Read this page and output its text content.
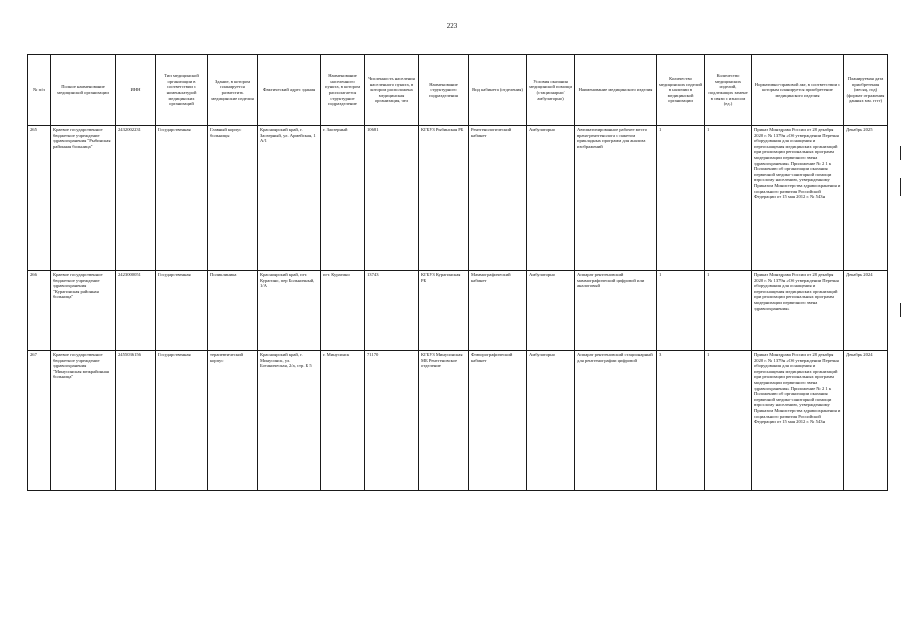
223
№ п/п	Полное наименование медицинской организации	ИНН	Тип медицинской организации в соответствии с номенклатурой медицинских организаций	Здание, в котором планируется разместить медицинские изделия	Фактический адрес здания	Наименование населенного пункта, в котором располагается структурное подразделение	Численность населения населенного пункта, в котором расположена медицинская организация, чел	Наименование структурного подразделения	Вид кабинета (отделения)	Условия оказания медицинской помощи (стационарно/амбулаторно)	Наименование медицинского изделия	Количество медицинских изделий в наличии в медицинской организации	Количество медицинских изделий, подлежащих замене в связи с износом (ед.)	Нормативно-правовой акт, в соответствии с которым планируется приобретение медицинского изделия	Планируемая дата приобретения (месяц, год) (формат отражения данных мм. гггг)
265	Краевое государственное бюджетное учреждение здравоохранения "Рыбинская районная больница"	2432002231	Государственная	Главный корпус больницы	Красноярский край, г. Заозерный, ул. Армейская, 1 А/1	г. Заозерный	10681	КГБУЗ Рыбинская РБ	Рентгенологический кабинет	Амбулаторно	Автоматизированное рабочее место врача-рентгенолога с пакетом прикладных программ для анализа изображений	1	1	Приказ Минздрава России от 28 декабря 2020 г. № 1379н «Об утверждении Перечня оборудования для оснащения и переоснащения медицинских организаций при реализации региональных программ модернизации первичного звена здравоохранения» Приложение № 2 1 к Положению об организации оказания первичной медико-санитарной помощи взрослому населению, утвержденному Приказом Министерства здравоохранения и социального развития Российской Федерации от 15 мая 2012 г. № 543н	Декабрь 2025
266	Краевое государственное бюджетное учреждение здравоохранения "Курагинская районная больница"	2423000051	Государственная	Поликлиника	Красноярский край, пгт. Курагино, пер Больничный, 1/А	пгт. Курагино	13743	КГБУЗ Курагинская РБ	Маммографический кабинет	Амбулаторно	Аппарат рентгеновский маммографический цифровой или аналоговый	1	1	Приказ Минздрава России от 28 декабря 2020 г. № 1379н «Об утверждении Перечня оборудования для оснащения и переоснащения медицинских организаций при реализации региональных программ модернизации первичного звена здравоохранения»	Декабрь 2024
267	Краевое государственное бюджетное учреждение здравоохранения "Минусинская межрайонная больница"	2455036156	Государственная	терапевтический корпус	Красноярский край, г. Минусинск, ул. Ботаническая, 2/а, стр. Б 5	г. Минусинск	71170	КГБУЗ Минусинская МБ Рентгеновское отделение	Флюорографический кабинет	Амбулаторно	Аппарат рентгеновский стационарный для рентгенографии цифровой	3	1	Приказ Минздрава России от 28 декабря 2020 г. № 1379н «Об утверждении Перечня оборудования для оснащения и переоснащения медицинских организаций при реализации региональных программ модернизации первичного звена здравоохранения» Приложение № 2 1 к Положению об организации оказания первичной медико-санитарной помощи взрослому населению, утвержденному Приказом Министерства здравоохранения и социального развития Российской Федерации от 15 мая 2012 г. № 543н	Декабрь 2024
